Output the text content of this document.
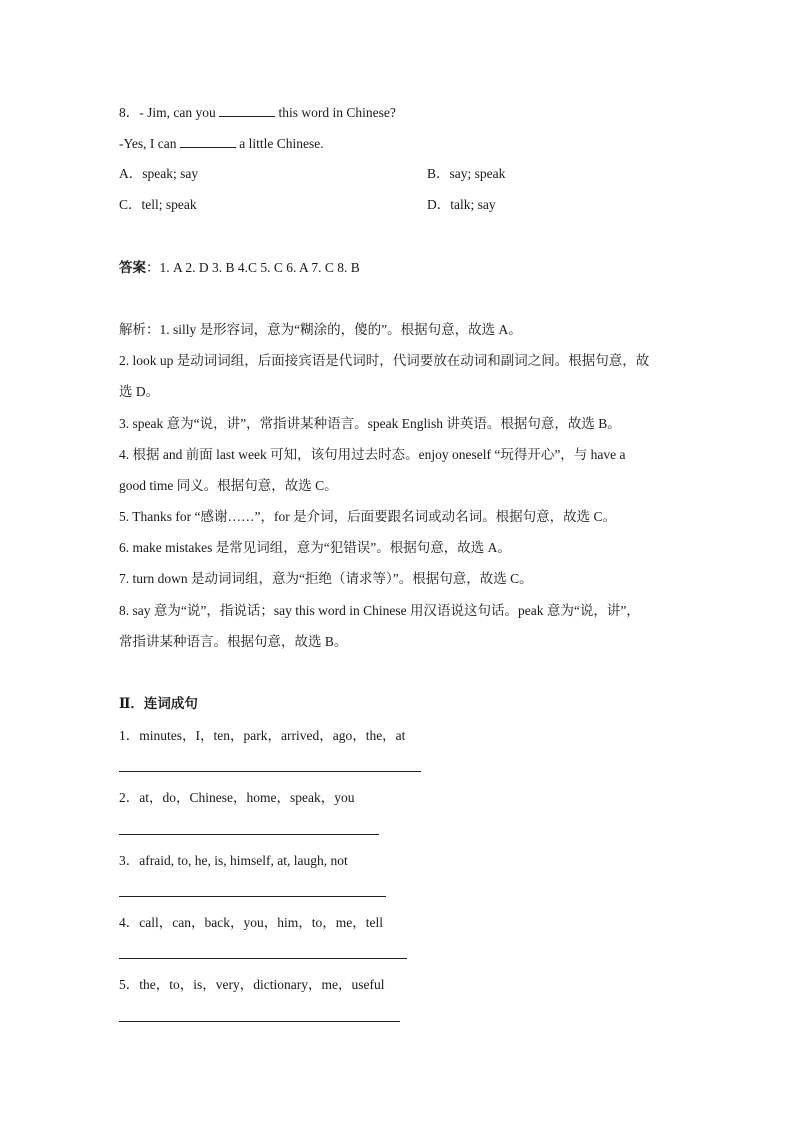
8．- Jim, can you	this word in Chinese?
-Yes, I can	a little Chinese.
A．speak; say	B．say; speak
C．tell; speak	D．talk; say
答案：1. A 2. D 3. B 4.C 5. C 6. A 7. C 8. B
解析：1. silly 是形容词，意为“糊涂的，傻的”。根据句意，故选 A。
2. look up 是动词词组，后面接宾语是代词时，代词要放在动词和副词之间。根据句意，故
选 D。
3. speak 意为“说，讲”，常指讲某种语言。speak English 讲英语。根据句意，故选 B。
4. 根据 and 前面 last week 可知，该句用过去时态。enjoy oneself “玩得开心”，与 have a
good time 同义。根据句意，故选 C。
5. Thanks for “感谢……”，for 是介词，后面要跟名词或动名词。根据句意，故选 C。
6. make mistakes 是常见词组，意为“犯错误”。根据句意，故选 A。
7. turn down 是动词词组，意为“拒绝（请求等）”。根据句意，故选 C。
8. say 意为“说”，指说话；say this word in Chinese 用汉语说这句话。peak 意为“说，讲”，
常指讲某种语言。根据句意，故选 B。
Ⅱ．连词成句
1．minutes，I，ten，park，arrived，ago，the，at
2．at，do，Chinese，home，speak，you
3．afraid, to, he, is, himself, at, laugh, not
4．call，can，back，you，him，to，me，tell
5．the，to，is，very，dictionary，me，useful
